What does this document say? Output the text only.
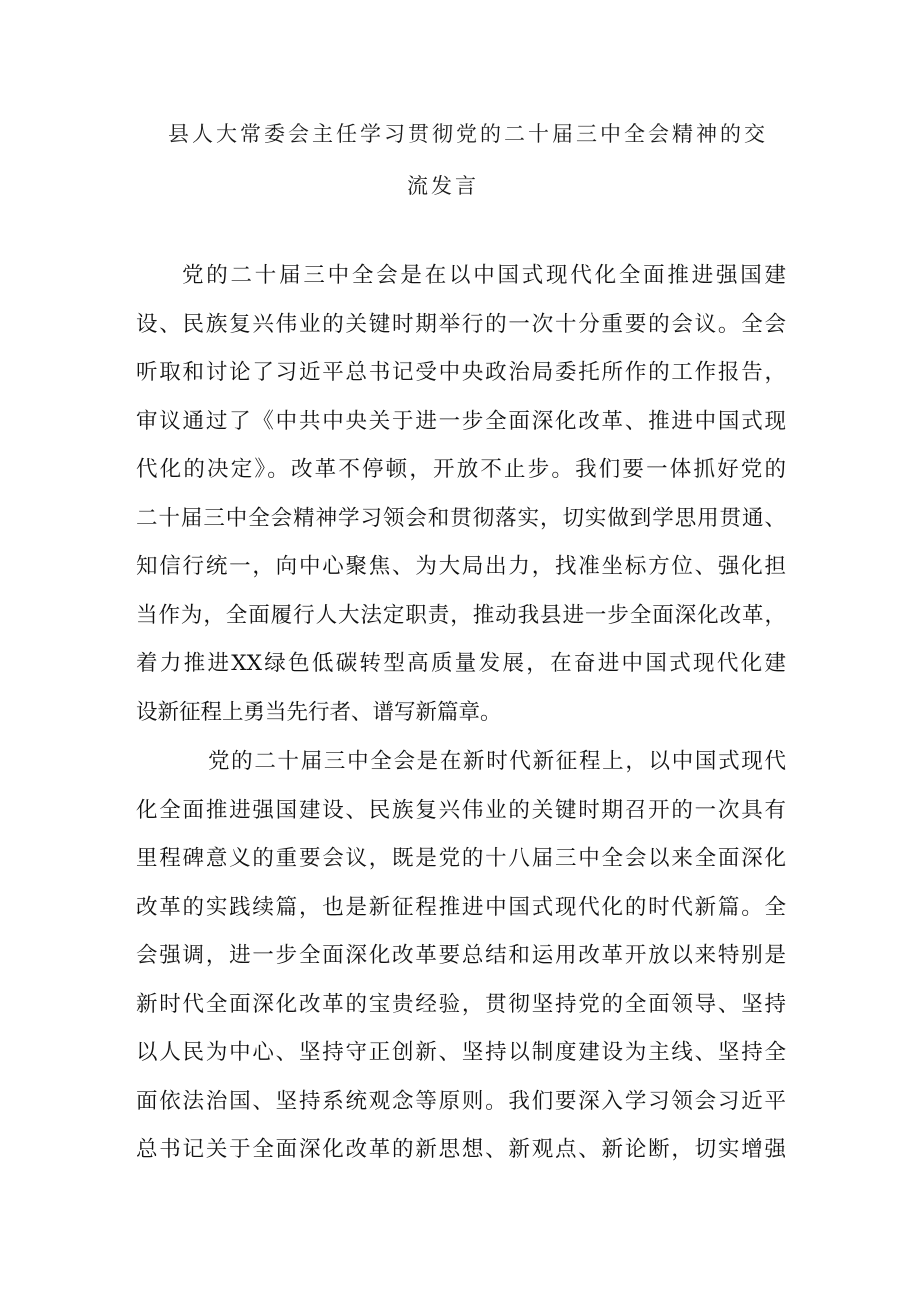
县人大常委会主任学习贯彻党的二十届三中全会精神的交
流发言
党的二十届三中全会是在以中国式现代化全面推进强国建
设、民族复兴伟业的关键时期举行的一次十分重要的会议。全会
听取和讨论了习近平总书记受中央政治局委托所作的工作报告，
审议通过了《中共中央关于进一步全面深化改革、推进中国式现
代化的决定》。改革不停顿，开放不止步。我们要一体抓好党的
二十届三中全会精神学习领会和贯彻落实，切实做到学思用贯通、
知信行统一，向中心聚焦、为大局出力，找准坐标方位、强化担
当作为，全面履行人大法定职责，推动我县进一步全面深化改革，
着力推进XX绿色低碳转型高质量发展，在奋进中国式现代化建
设新征程上勇当先行者、谱写新篇章。
党的二十届三中全会是在新时代新征程上，以中国式现代
化全面推进强国建设、民族复兴伟业的关键时期召开的一次具有
里程碑意义的重要会议，既是党的十八届三中全会以来全面深化
改革的实践续篇，也是新征程推进中国式现代化的时代新篇。全
会强调，进一步全面深化改革要总结和运用改革开放以来特别是
新时代全面深化改革的宝贵经验，贯彻坚持党的全面领导、坚持
以人民为中心、坚持守正创新、坚持以制度建设为主线、坚持全
面依法治国、坚持系统观念等原则。我们要深入学习领会习近平
总书记关于全面深化改革的新思想、新观点、新论断，切实增强
